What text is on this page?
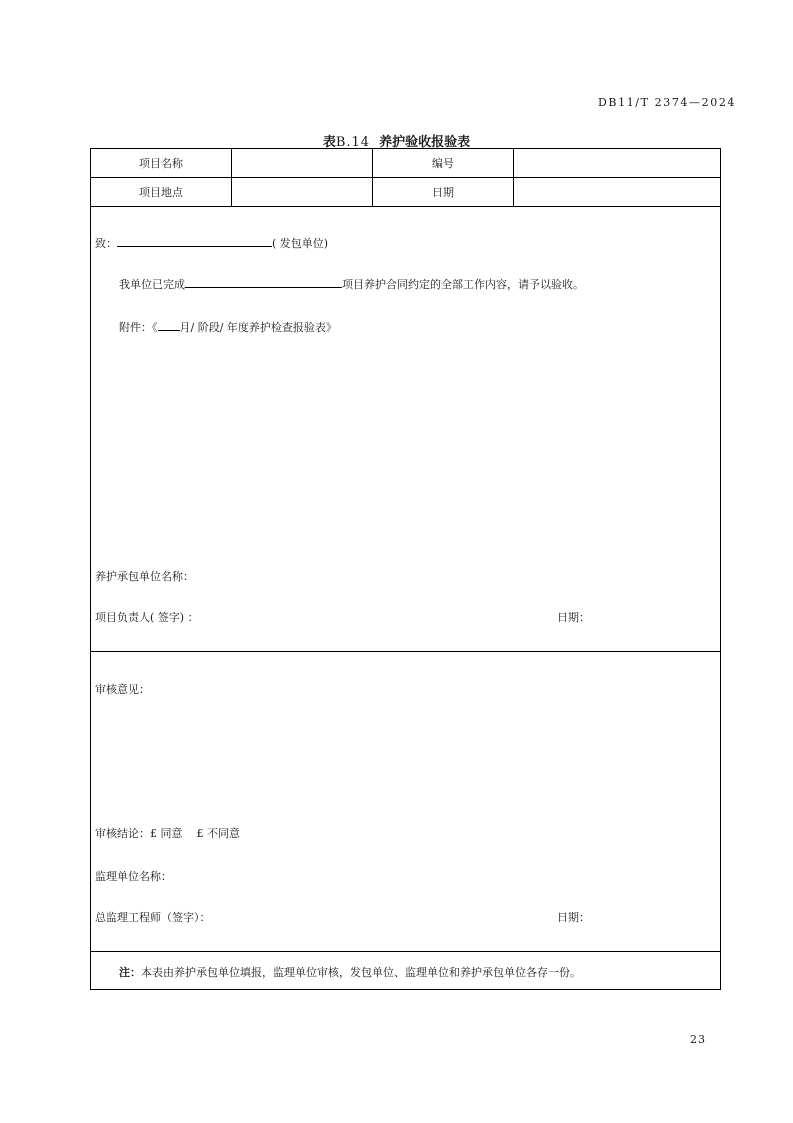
DB11/T 2374—2024
表B.14 养护验收报验表
项目名称	编号
项目地点	日期
致：	( 发包单位)
我单位已完成	项目养护合同约定的全部工作内容，请予以验收。
附件：《 月/ 阶段/ 年度养护检查报验表》
养护承包单位名称：
项目负责人( 签字) ：	日期：
审核意见：
审核结论：£ 同意 £ 不同意
监理单位名称：
总监理工程师（签字）：	日期：
注：本表由养护承包单位填报，监理单位审核，发包单位、监理单位和养护承包单位各存一份。
23
